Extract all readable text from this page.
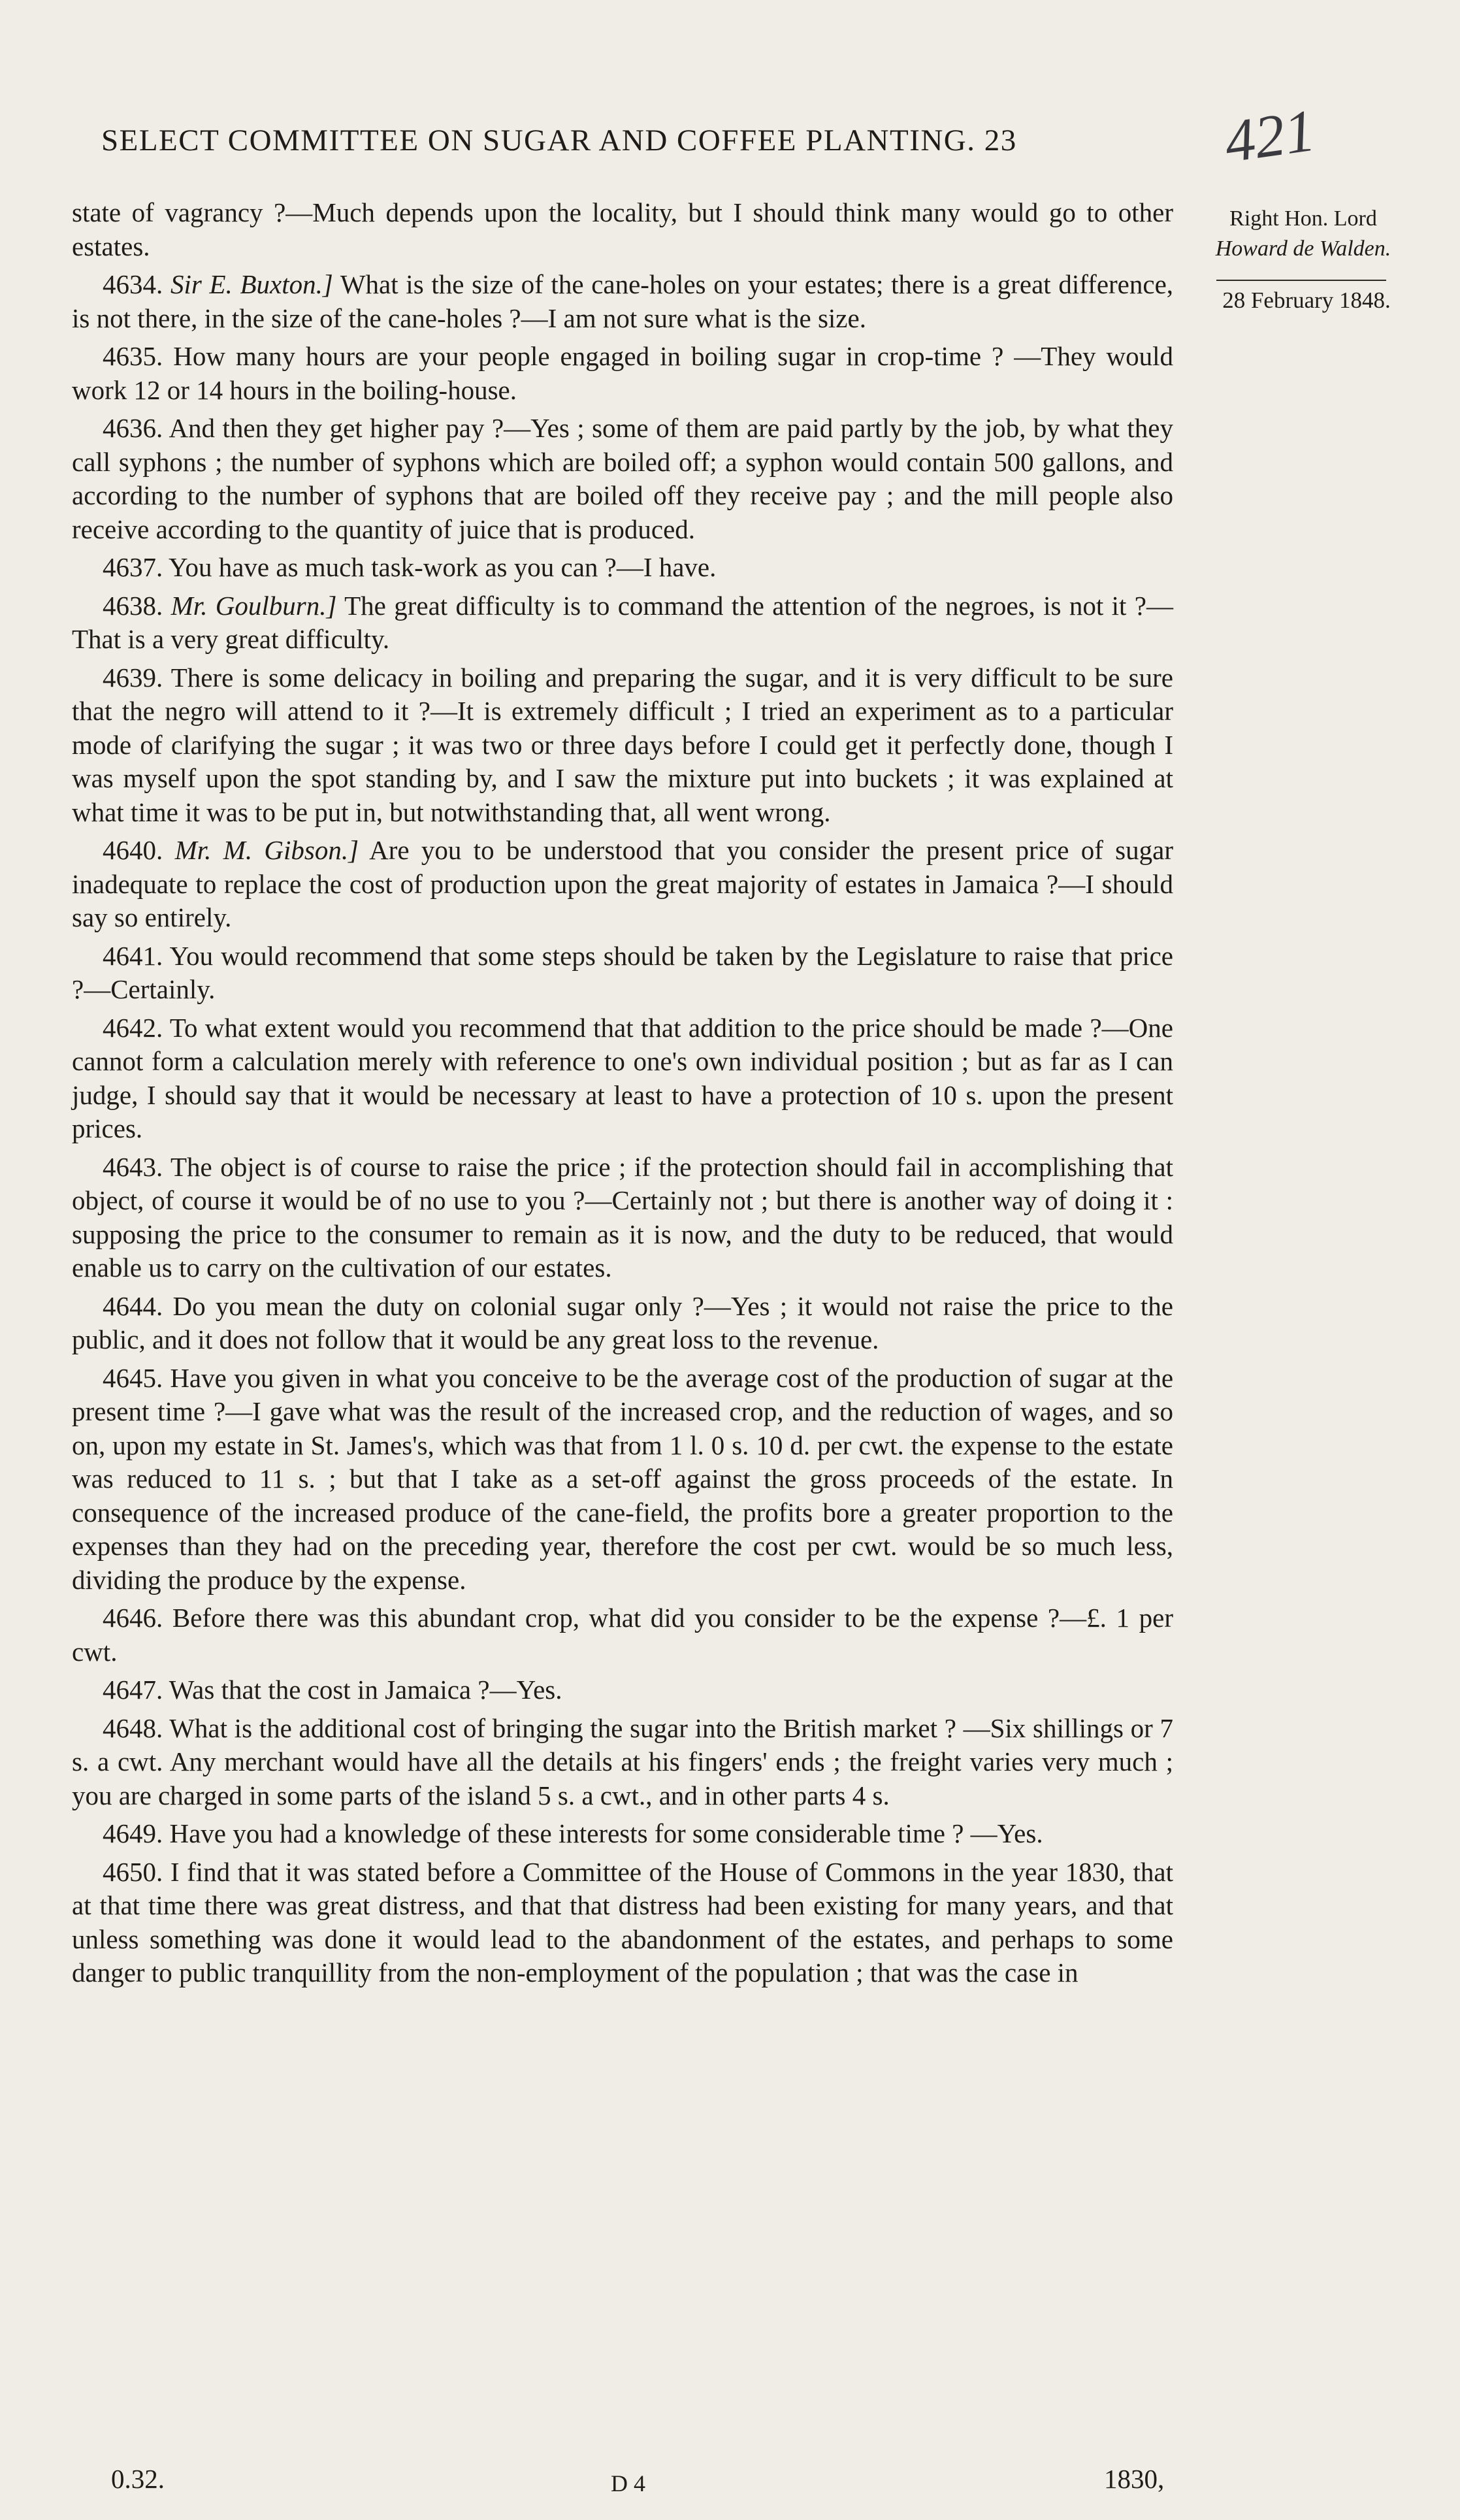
SELECT COMMITTEE ON SUGAR AND COFFEE PLANTING. 23	421
Right Hon. Lord
Howard de Walden.
28 February 1848.

state of vagrancy ?—Much depends upon the locality, but I should think many would go to other estates.

4634. Sir E. Buxton.] What is the size of the cane-holes on your estates; there is a great difference, is not there, in the size of the cane-holes ?—I am not sure what is the size.

4635. How many hours are your people engaged in boiling sugar in crop-time ? —They would work 12 or 14 hours in the boiling-house.

4636. And then they get higher pay ?—Yes ; some of them are paid partly by the job, by what they call syphons ; the number of syphons which are boiled off; a syphon would contain 500 gallons, and according to the number of syphons that are boiled off they receive pay ; and the mill people also receive according to the quantity of juice that is produced.

4637. You have as much task-work as you can ?—I have.

4638. Mr. Goulburn.] The great difficulty is to command the attention of the negroes, is not it ?—That is a very great difficulty.

4639. There is some delicacy in boiling and preparing the sugar, and it is very difficult to be sure that the negro will attend to it ?—It is extremely difficult ; I tried an experiment as to a particular mode of clarifying the sugar ; it was two or three days before I could get it perfectly done, though I was myself upon the spot standing by, and I saw the mixture put into buckets ; it was explained at what time it was to be put in, but notwithstanding that, all went wrong.

4640. Mr. M. Gibson.] Are you to be understood that you consider the present price of sugar inadequate to replace the cost of production upon the great majority of estates in Jamaica ?—I should say so entirely.

4641. You would recommend that some steps should be taken by the Legislature to raise that price ?—Certainly.

4642. To what extent would you recommend that that addition to the price should be made ?—One cannot form a calculation merely with reference to one's own individual position ; but as far as I can judge, I should say that it would be necessary at least to have a protection of 10 s. upon the present prices.

4643. The object is of course to raise the price ; if the protection should fail in accomplishing that object, of course it would be of no use to you ?—Certainly not ; but there is another way of doing it : supposing the price to the consumer to remain as it is now, and the duty to be reduced, that would enable us to carry on the cultivation of our estates.

4644. Do you mean the duty on colonial sugar only ?—Yes ; it would not raise the price to the public, and it does not follow that it would be any great loss to the revenue.

4645. Have you given in what you conceive to be the average cost of the production of sugar at the present time ?—I gave what was the result of the increased crop, and the reduction of wages, and so on, upon my estate in St. James's, which was that from 1 l. 0 s. 10 d. per cwt. the expense to the estate was reduced to 11 s. ; but that I take as a set-off against the gross proceeds of the estate. In consequence of the increased produce of the cane-field, the profits bore a greater proportion to the expenses than they had on the preceding year, therefore the cost per cwt. would be so much less, dividing the produce by the expense.

4646. Before there was this abundant crop, what did you consider to be the expense ?—£. 1 per cwt.

4647. Was that the cost in Jamaica ?—Yes.

4648. What is the additional cost of bringing the sugar into the British market ? —Six shillings or 7 s. a cwt. Any merchant would have all the details at his fingers' ends ; the freight varies very much ; you are charged in some parts of the island 5 s. a cwt., and in other parts 4 s.

4649. Have you had a knowledge of these interests for some considerable time ? —Yes.

4650. I find that it was stated before a Committee of the House of Commons in the year 1830, that at that time there was great distress, and that that distress had been existing for many years, and that unless something was done it would lead to the abandonment of the estates, and perhaps to some danger to public tranquillity from the non-employment of the population ; that was the case in

0.32.	D 4	1830,
